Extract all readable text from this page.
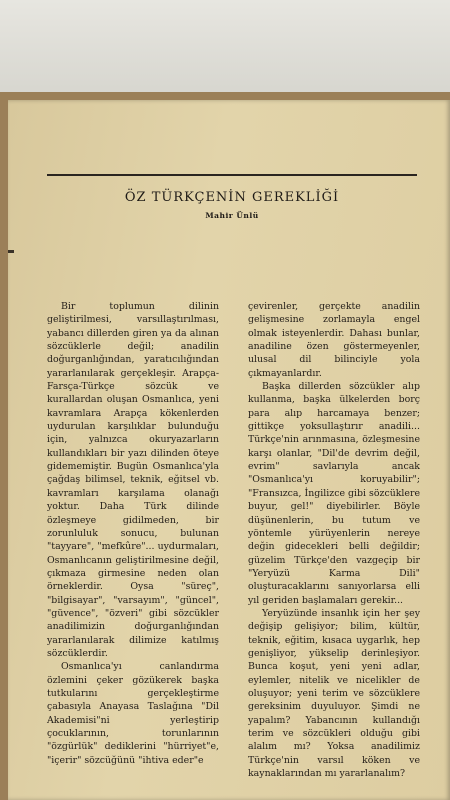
ÖZ TÜRKÇENİN GEREKLİĞİ
Mahir Ünlü

Bir toplumun dilinin geliştirilmesi, varsıllaştırılması, yabancı dillerden giren ya da alınan sözcüklerle değil; anadilin doğurganlığından, yaratıcılığından yararlanılarak gerçekleşir. Arapça-Farsça-Türkçe sözcük ve kurallardan oluşan Osmanlıca, yeni kavramlara Arapça kökenlerden uydurulan karşılıklar bulunduğu için, yalnızca okuryazarların kullandıkları bir yazı dilinden öteye gidememiştir. Bugün Osmanlıca'yla çağdaş bilimsel, teknik, eğitsel vb. kavramları karşılama olanağı yoktur. Daha Türk dilinde özleşmeye gidilmeden, bir zorunluluk sonucu, bulunan "tayyare", "mefkûre"... uydurmaları, Osmanlıcanın geliştirilmesine değil, çıkmaza girmesine neden olan örneklerdir. Oysa "süreç", "bilgisayar", "varsayım", "güncel", "güvence", "özveri" gibi sözcükler anadilimizin doğurganlığından yararlanılarak dilimize katılmış sözcüklerdir.

Osmanlıca'yı canlandırma özlemini çeker gözükerek başka tutkularını gerçekleştirme çabasıyla Anayasa Taslağına "Dil Akademisi"ni yerleştirip çocuklarının, torunlarının "özgürlük" dediklerini "hürriyet"e, "içerir" sözcüğünü "ihtiva eder"e

çevirenler, gerçekte anadilin gelişmesine zorlamayla engel olmak isteyenlerdir. Dahası bunlar, anadiline özen göstermeyenler, ulusal dil bilinciyle yola çıkmayanlardır.

Başka dillerden sözcükler alıp kullanma, başka ülkelerden borç para alıp harcamaya benzer; gittikçe yoksullaştırır anadili... Türkçe'nin arınmasına, özleşmesine karşı olanlar, "Dil'de devrim değil, evrim" savlarıyla ancak "Osmanlıca'yı koruyabilir"; "Fransızca, İngilizce gibi sözcüklere buyur, gel!" diyebilirler. Böyle düşünenlerin, bu tutum ve yöntemle yürüyenlerin nereye değin gidecekleri belli değildir; güzelim Türkçe'den vazgeçip bir "Yeryüzü Karma Dili" oluşturacaklarını sanıyorlarsa elli yıl geriden başlamaları gerekir...

Yeryüzünde insanlık için her şey değişip gelişiyor; bilim, kültür, teknik, eğitim, kısaca uygarlık, hep genişliyor, yükselip derinleşiyor. Bunca koşut, yeni yeni adlar, eylemler, nitelik ve nicelikler de oluşuyor; yeni terim ve sözcüklere gereksinim duyuluyor. Şimdi ne yapalım? Yabancının kullandığı terim ve sözcükleri olduğu gibi alalım mı? Yoksa anadilimiz Türkçe'nin varsıl köken ve kaynaklarından mı yararlanalım?
